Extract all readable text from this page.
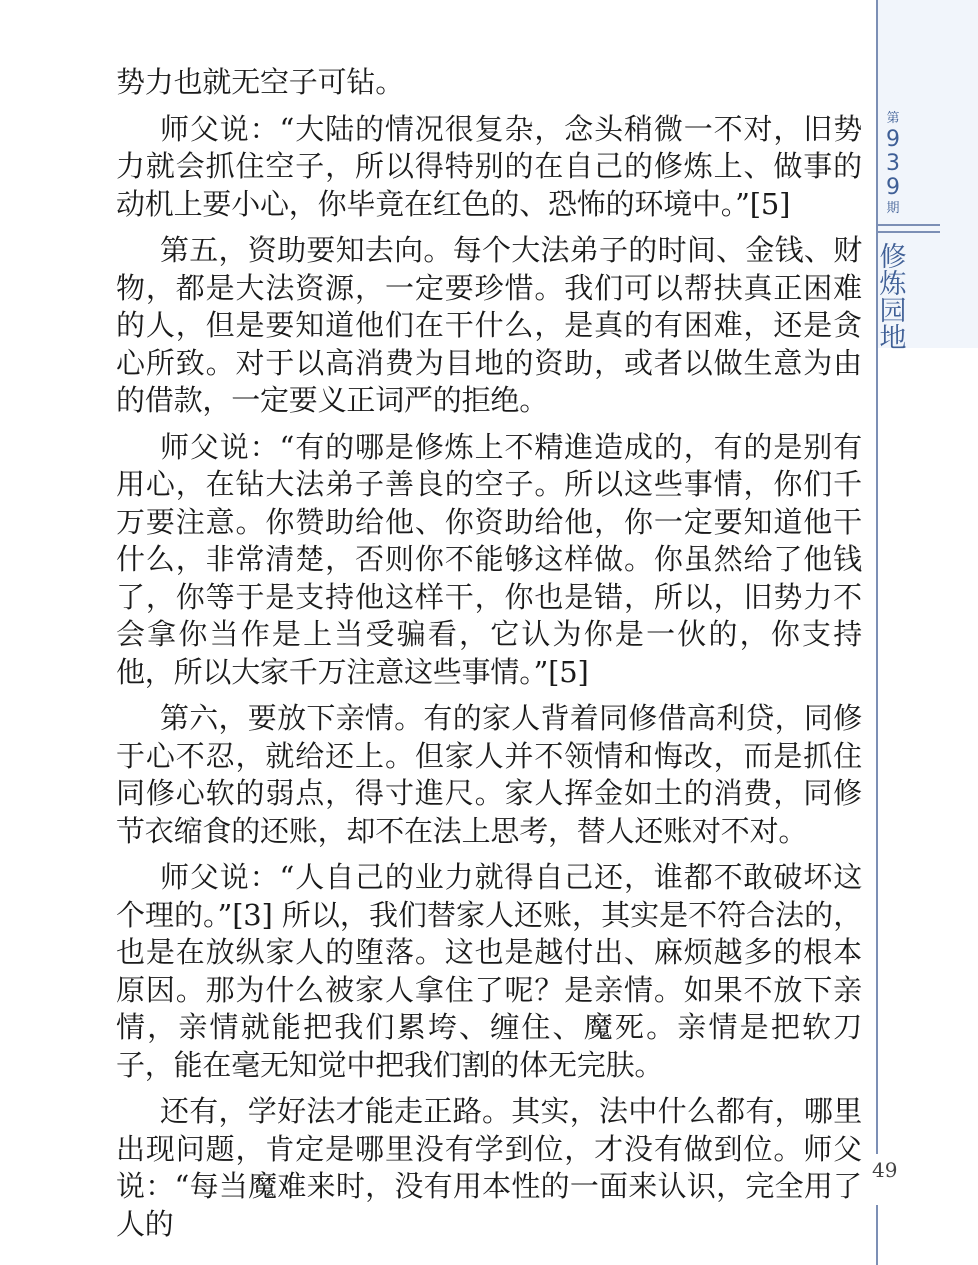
势力也就无空子可钻。

师父说：“大陆的情况很复杂，念头稍微一不对，旧势力就会抓住空子，所以得特别的在自己的修炼上、做事的动机上要小心，你毕竟在红色的、恐怖的环境中。”[5]

第五，资助要知去向。每个大法弟子的时间、金钱、财物，都是大法资源，一定要珍惜。我们可以帮扶真正困难的人，但是要知道他们在干什么，是真的有困难，还是贪心所致。对于以高消费为目地的资助，或者以做生意为由的借款，一定要义正词严的拒绝。

师父说：“有的哪是修炼上不精進造成的，有的是别有用心，在钻大法弟子善良的空子。所以这些事情，你们千万要注意。你赞助给他、你资助给他，你一定要知道他干什么，非常清楚，否则你不能够这样做。你虽然给了他钱了，你等于是支持他这样干，你也是错，所以，旧势力不会拿你当作是上当受骗看，它认为你是一伙的，你支持他，所以大家千万注意这些事情。”[5]

第六，要放下亲情。有的家人背着同修借高利贷，同修于心不忍，就给还上。但家人并不领情和悔改，而是抓住同修心软的弱点，得寸進尺。家人挥金如土的消费，同修节衣缩食的还账，却不在法上思考，替人还账对不对。

师父说：“人自己的业力就得自己还，谁都不敢破坏这个理的。”[3] 所以，我们替家人还账，其实是不符合法的，也是在放纵家人的堕落。这也是越付出、麻烦越多的根本原因。那为什么被家人拿住了呢？是亲情。如果不放下亲情，亲情就能把我们累垮、缠住、魔死。亲情是把软刀子，能在毫无知觉中把我们割的体无完肤。

还有，学好法才能走正路。其实，法中什么都有，哪里出现问题，肯定是哪里没有学到位，才没有做到位。师父说：“每当魔难来时，没有用本性的一面来认识，完全用了人的

第
9
3
9
期
修
炼
园
地
49
